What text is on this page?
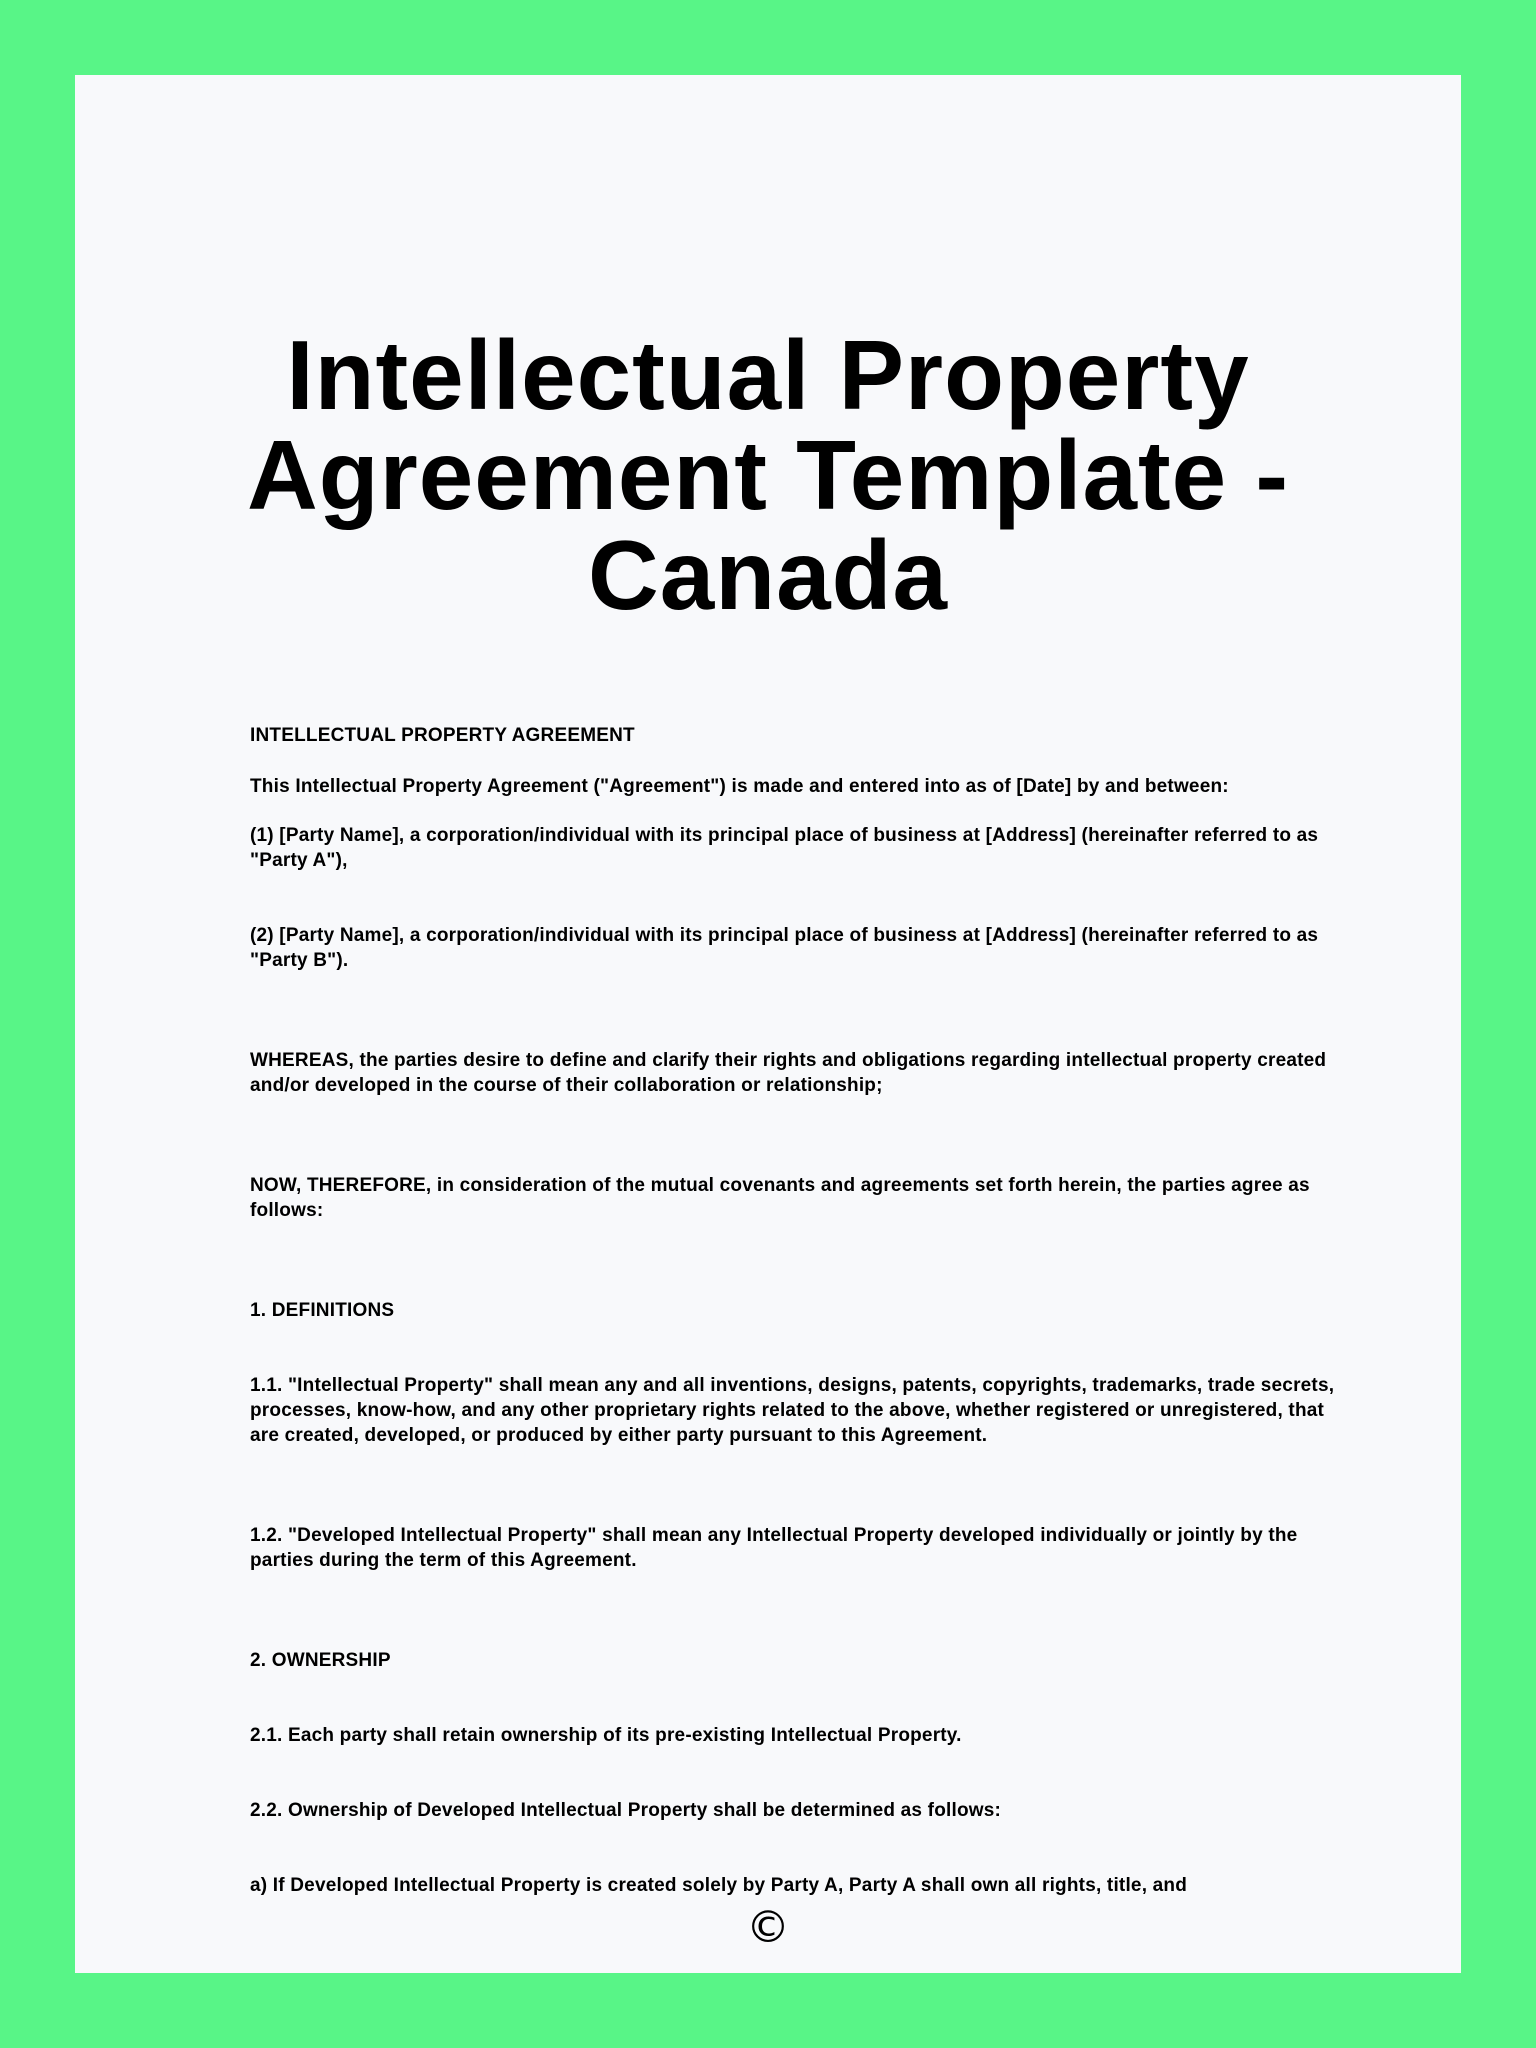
Intellectual Property Agreement Template - Canada

INTELLECTUAL PROPERTY AGREEMENT

This Intellectual Property Agreement ("Agreement") is made and entered into as of [Date] by and between:

(1) [Party Name], a corporation/individual with its principal place of business at [Address] (hereinafter referred to as "Party A"),

(2) [Party Name], a corporation/individual with its principal place of business at [Address] (hereinafter referred to as "Party B").

WHEREAS, the parties desire to define and clarify their rights and obligations regarding intellectual property created and/or developed in the course of their collaboration or relationship;

NOW, THEREFORE, in consideration of the mutual covenants and agreements set forth herein, the parties agree as follows:

1. DEFINITIONS

1.1. "Intellectual Property" shall mean any and all inventions, designs, patents, copyrights, trademarks, trade secrets, processes, know-how, and any other proprietary rights related to the above, whether registered or unregistered, that are created, developed, or produced by either party pursuant to this Agreement.

1.2. "Developed Intellectual Property" shall mean any Intellectual Property developed individually or jointly by the parties during the term of this Agreement.

2. OWNERSHIP

2.1. Each party shall retain ownership of its pre-existing Intellectual Property.

2.2. Ownership of Developed Intellectual Property shall be determined as follows:

a) If Developed Intellectual Property is created solely by Party A, Party A shall own all rights, title, and

©
